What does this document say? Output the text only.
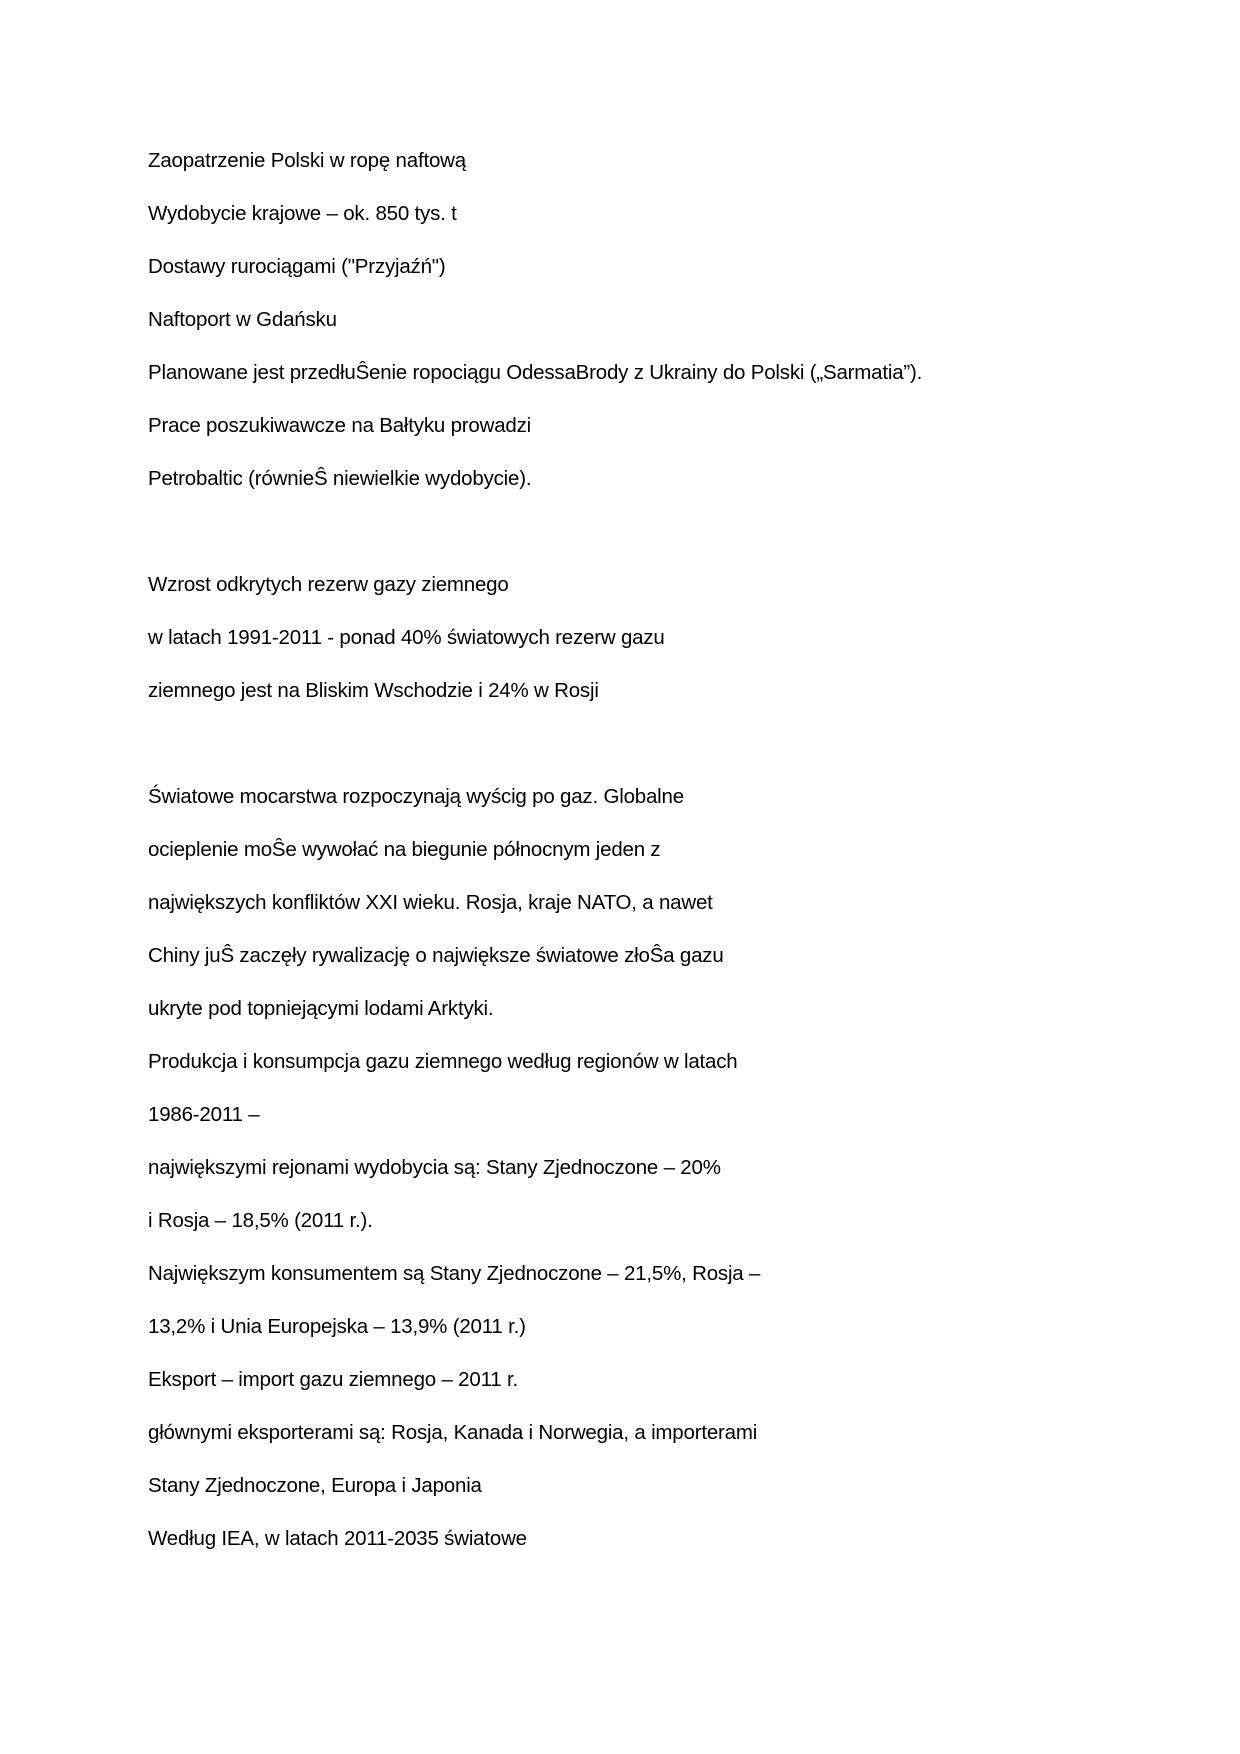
Zaopatrzenie Polski w ropę naftową

Wydobycie krajowe – ok. 850 tys. t

Dostawy rurociągami ("Przyjaźń")

Naftoport w Gdańsku

Planowane jest przedłuŜenie ropociągu OdessaBrody z Ukrainy do Polski („Sarmatia”).

Prace poszukiwawcze na Bałtyku prowadzi

Petrobaltic (równieŜ niewielkie wydobycie).

Wzrost odkrytych rezerw gazy ziemnego

w latach 1991-2011 - ponad 40% światowych rezerw gazu

ziemnego jest na Bliskim Wschodzie i 24% w Rosji

Światowe mocarstwa rozpoczynają wyścig po gaz. Globalne

ocieplenie moŜe wywołać na biegunie północnym jeden z

największych konfliktów XXI wieku. Rosja, kraje NATO, a nawet

Chiny juŜ zaczęły rywalizację o największe światowe złoŜa gazu

ukryte pod topniejącymi lodami Arktyki.

Produkcja i konsumpcja gazu ziemnego według regionów w latach

1986-2011 –

największymi rejonami wydobycia są: Stany Zjednoczone – 20%

i Rosja – 18,5% (2011 r.).

Największym konsumentem są Stany Zjednoczone – 21,5%, Rosja –

13,2% i Unia Europejska – 13,9% (2011 r.)

Eksport – import gazu ziemnego – 2011 r.

głównymi eksporterami są: Rosja, Kanada i Norwegia, a importerami

Stany Zjednoczone, Europa i Japonia

Według IEA, w latach 2011-2035 światowe
